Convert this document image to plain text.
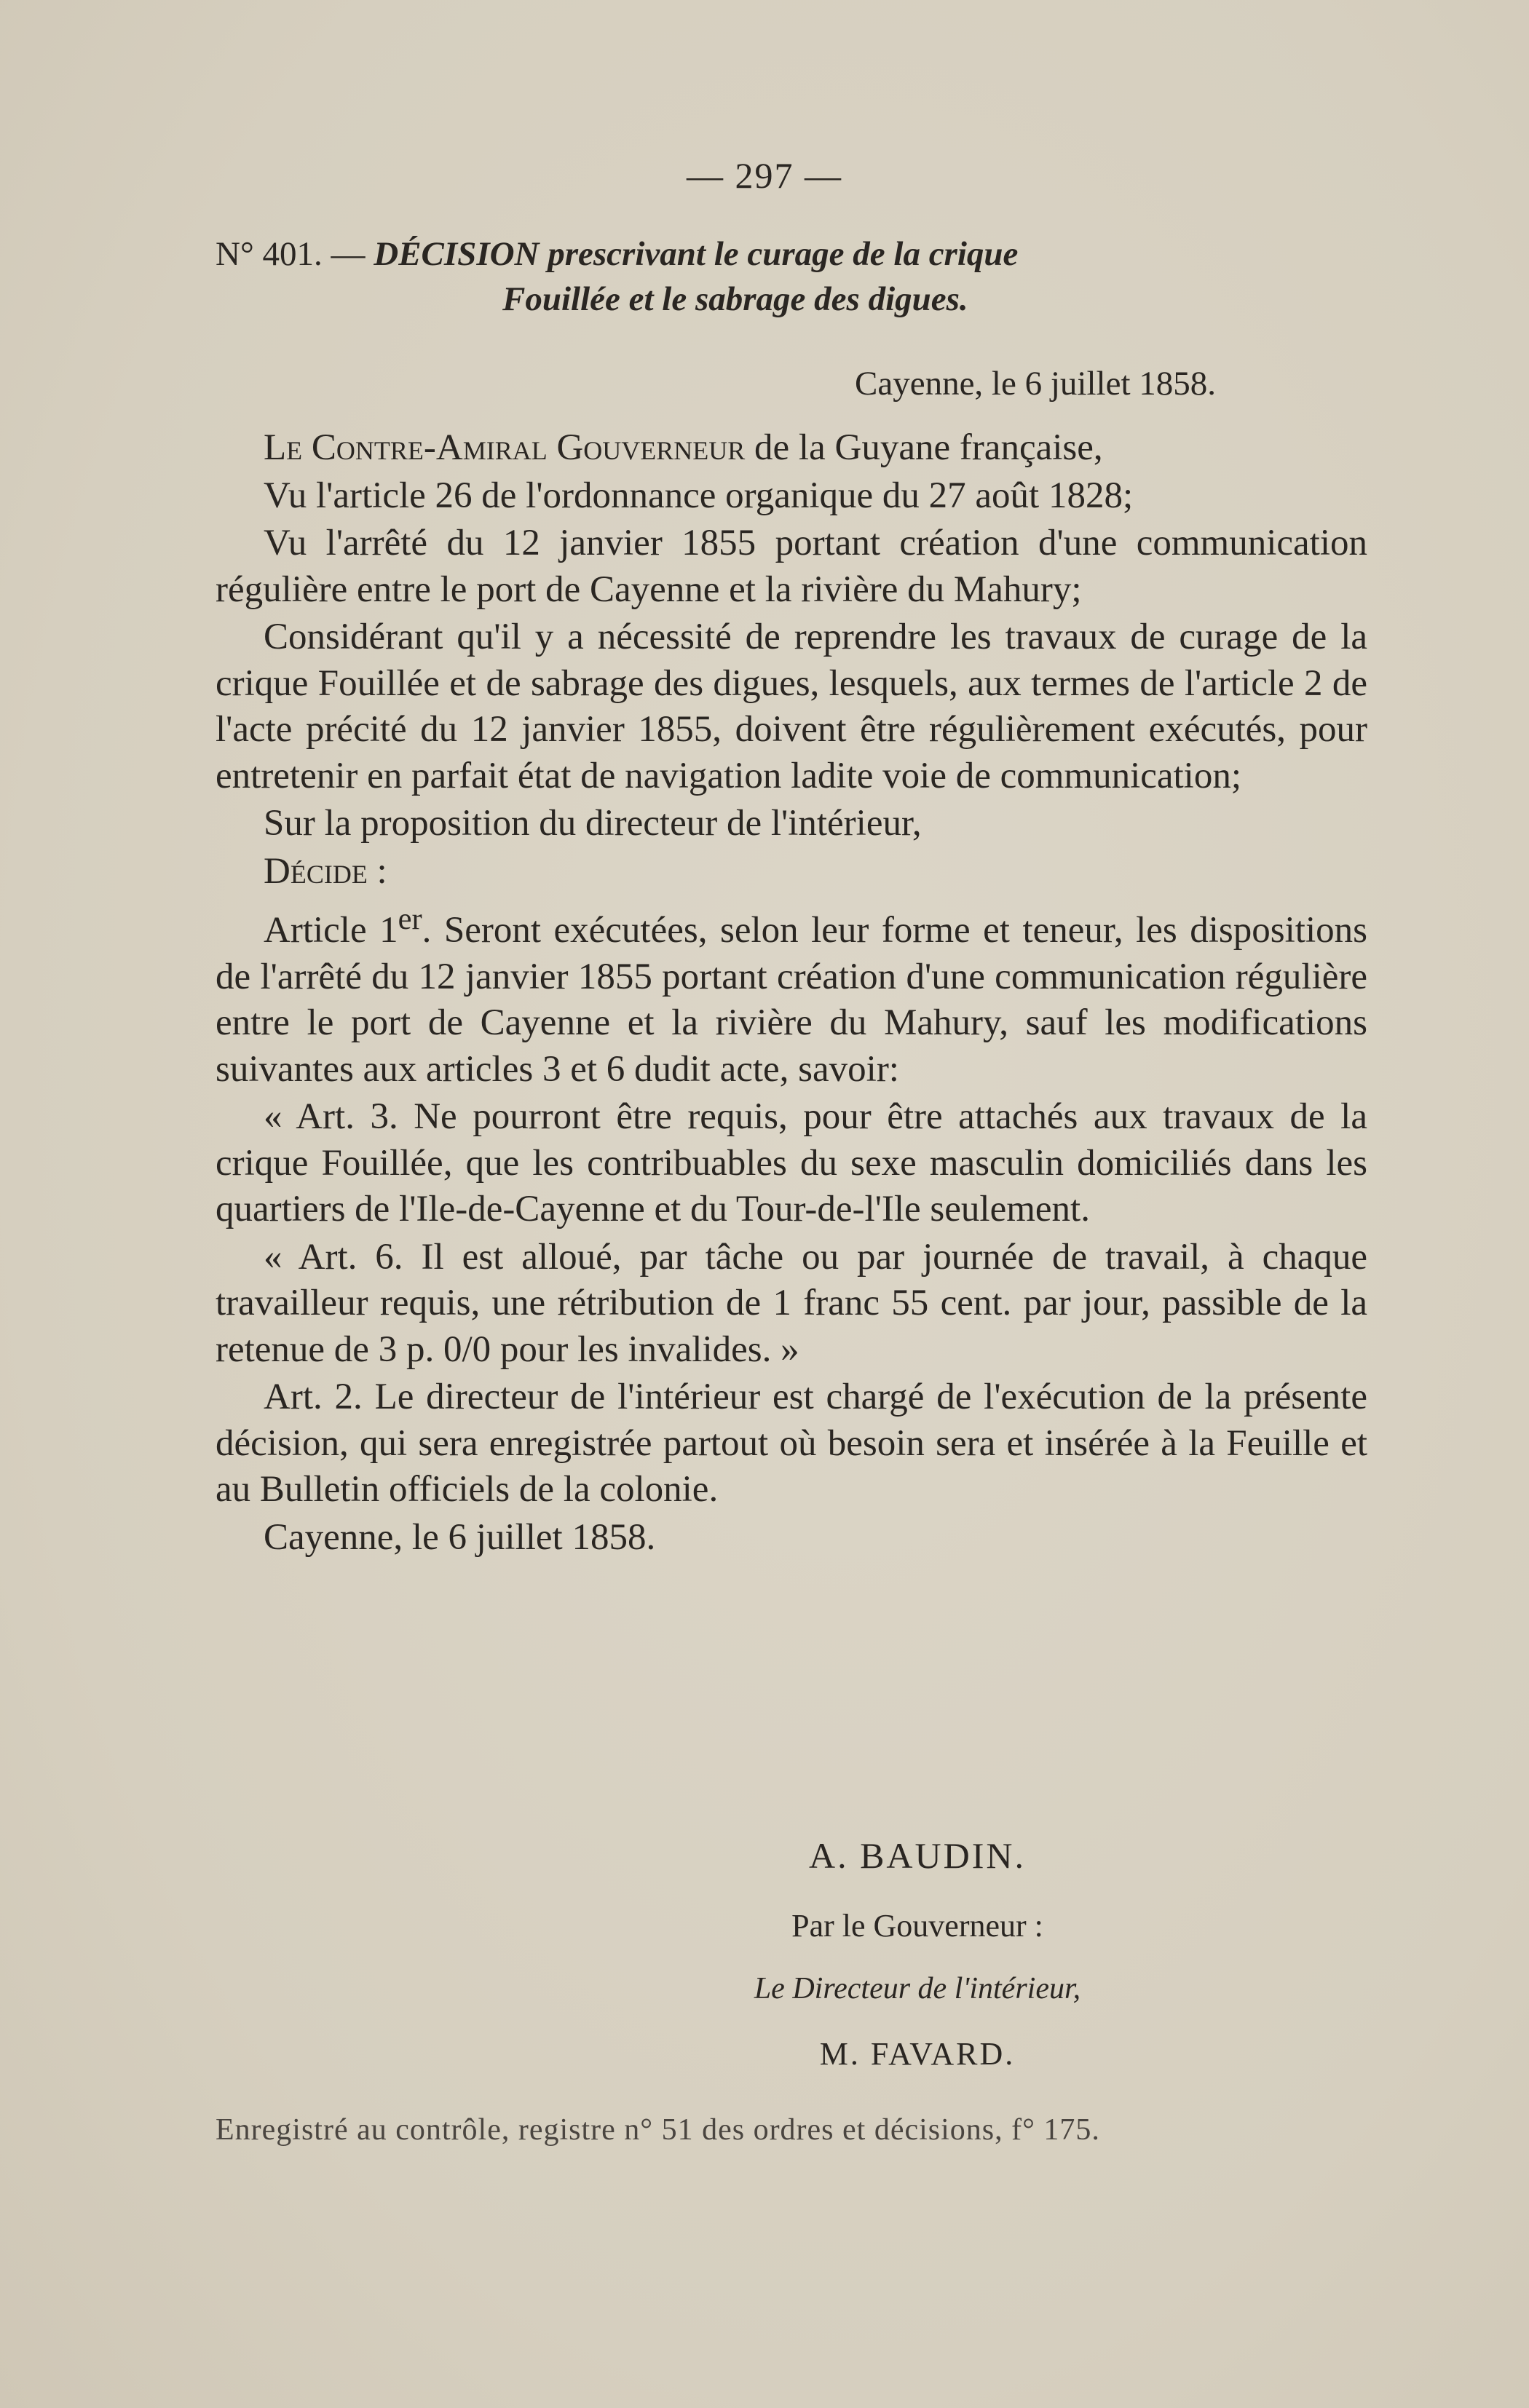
— 297 —
N° 401. — DÉCISION prescrivant le curage de la crique
Fouillée et le sabrage des digues.
Cayenne, le 6 juillet 1858.

Le Contre-Amiral Gouverneur de la Guyane française,

Vu l'article 26 de l'ordonnance organique du 27 août 1828;

Vu l'arrêté du 12 janvier 1855 portant création d'une communication régulière entre le port de Cayenne et la rivière du Mahury;

Considérant qu'il y a nécessité de reprendre les travaux de curage de la crique Fouillée et de sabrage des digues, lesquels, aux termes de l'article 2 de l'acte précité du 12 janvier 1855, doivent être régulièrement exécutés, pour entretenir en parfait état de navigation ladite voie de communication;

Sur la proposition du directeur de l'intérieur,

Décide :

Article 1er. Seront exécutées, selon leur forme et teneur, les dispositions de l'arrêté du 12 janvier 1855 portant création d'une communication régulière entre le port de Cayenne et la rivière du Mahury, sauf les modifications suivantes aux articles 3 et 6 dudit acte, savoir:

« Art. 3. Ne pourront être requis, pour être attachés aux travaux de la crique Fouillée, que les contribuables du sexe masculin domiciliés dans les quartiers de l'Ile-de-Cayenne et du Tour-de-l'Ile seulement.

« Art. 6. Il est alloué, par tâche ou par journée de travail, à chaque travailleur requis, une rétribution de 1 franc 55 cent. par jour, passible de la retenue de 3 p. 0/0 pour les invalides. »

Art. 2. Le directeur de l'intérieur est chargé de l'exécution de la présente décision, qui sera enregistrée partout où besoin sera et insérée à la Feuille et au Bulletin officiels de la colonie.

Cayenne, le 6 juillet 1858.

A. BAUDIN.
Par le Gouverneur :
Le Directeur de l'intérieur,
M. FAVARD.
Enregistré au contrôle, registre n° 51 des ordres et décisions, f° 175.
